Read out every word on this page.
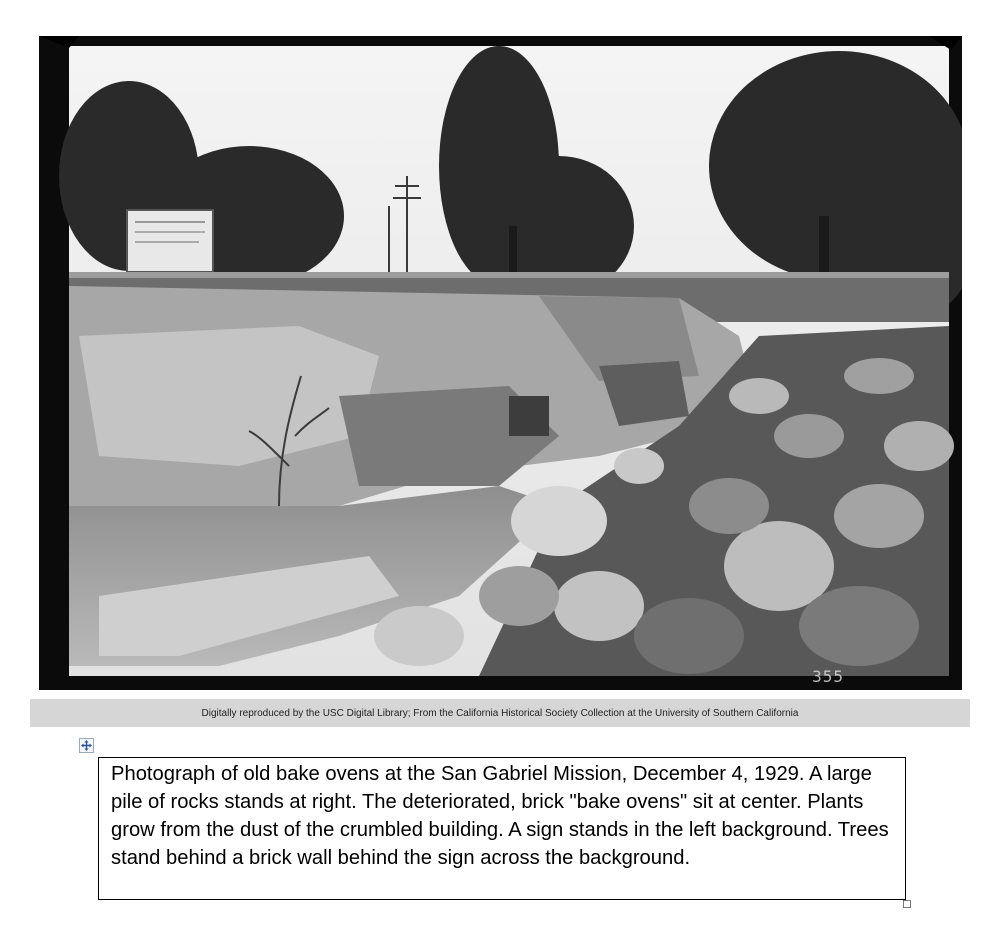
355
Digitally reproduced by the USC Digital Library; From the California Historical Society Collection at the University of Southern California

Photograph of old bake ovens at the San Gabriel Mission, December 4, 1929. A large pile of rocks stands at right. The deteriorated, brick "bake ovens" sit at center. Plants grow from the dust of the crumbled building. A sign stands in the left background. Trees stand behind a brick wall behind the sign across the background.
